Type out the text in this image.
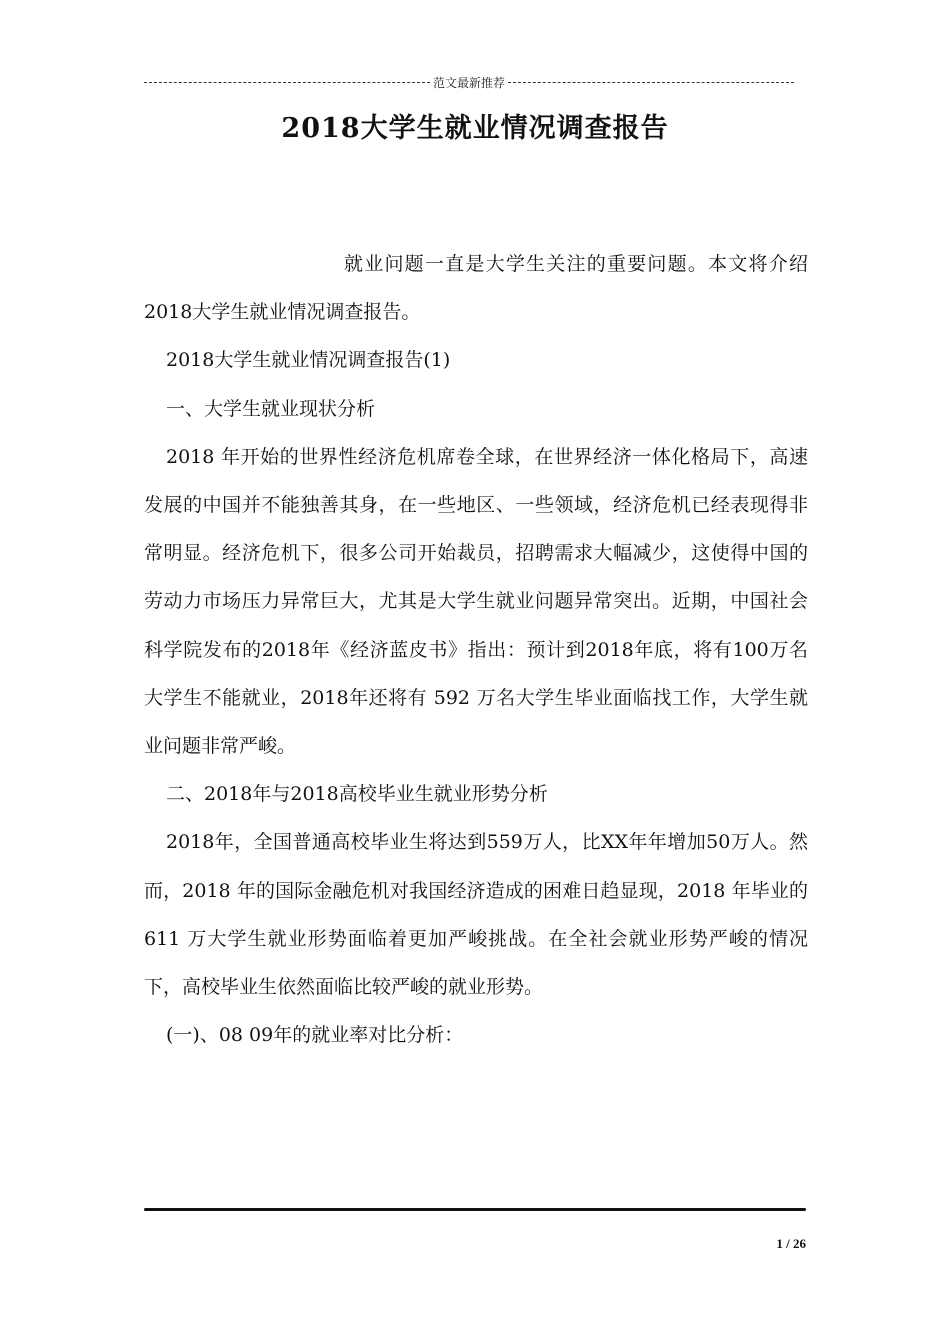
范文最新推荐
2018大学生就业情况调查报告

就业问题一直是大学生关注的重要问题。本文将介绍2018大学生就业情况调查报告。

2018大学生就业情况调查报告(1)

一、大学生就业现状分析

2018 年开始的世界性经济危机席卷全球，在世界经济一体化格局下，高速发展的中国并不能独善其身，在一些地区、一些领域，经济危机已经表现得非常明显。经济危机下，很多公司开始裁员，招聘需求大幅减少，这使得中国的劳动力市场压力异常巨大，尤其是大学生就业问题异常突出。近期，中国社会科学院发布的2018年《经济蓝皮书》指出：预计到2018年底，将有100万名大学生不能就业，2018年还将有 592 万名大学生毕业面临找工作，大学生就业问题非常严峻。

二、2018年与2018高校毕业生就业形势分析

2018年，全国普通高校毕业生将达到559万人，比XX年年增加50万人。然而，2018 年的国际金融危机对我国经济造成的困难日趋显现，2018 年毕业的 611 万大学生就业形势面临着更加严峻挑战。在全社会就业形势严峻的情况下，高校毕业生依然面临比较严峻的就业形势。

(一)、08 09年的就业率对比分析：

1 / 26
